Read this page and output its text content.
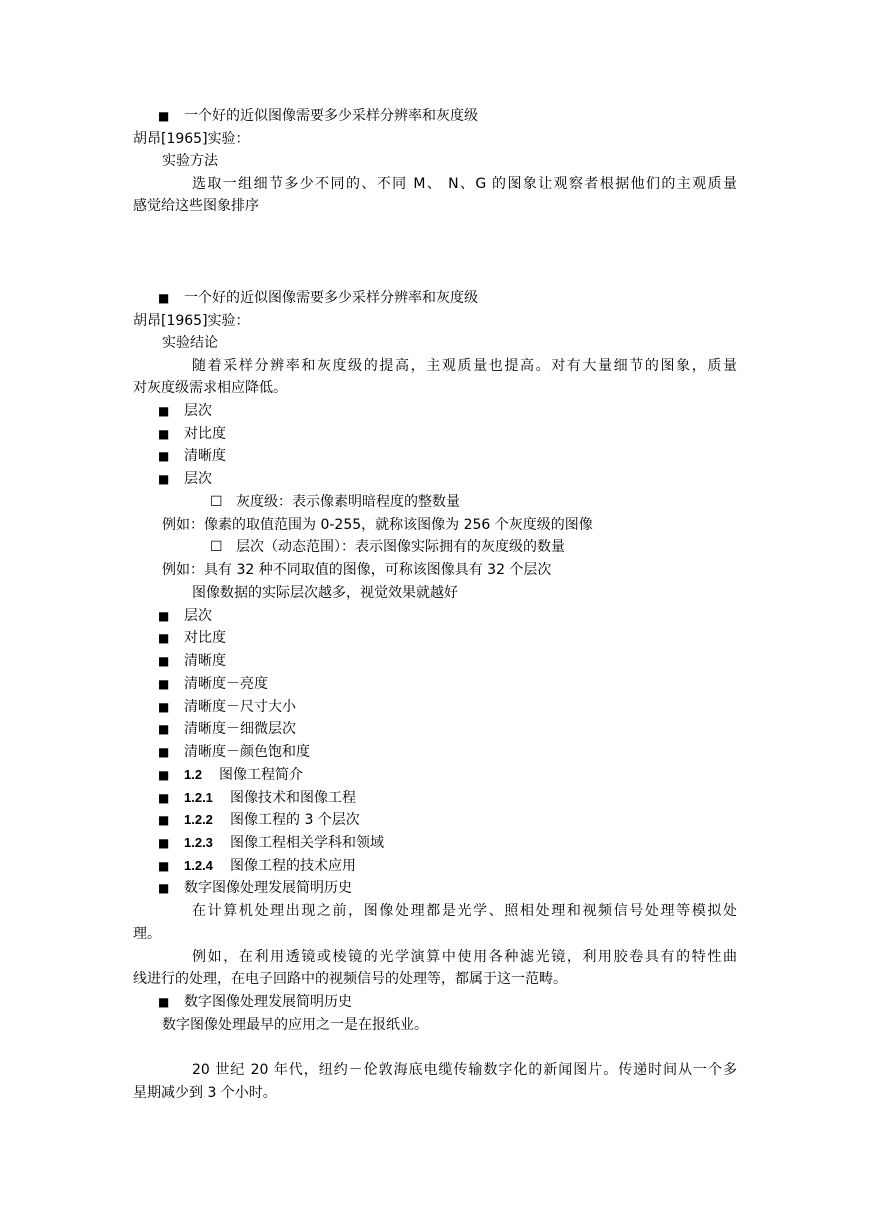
■ 一个好的近似图像需要多少采样分辨率和灰度级
胡昂[1965]实验：
实验方法
选取一组细节多少不同的、不同 M、 N、G 的图象让观察者根据他们的主观质量
感觉给这些图象排序
■ 一个好的近似图像需要多少采样分辨率和灰度级
胡昂[1965]实验：
实验结论
随着采样分辨率和灰度级的提高，主观质量也提高。对有大量细节的图象，质量
对灰度级需求相应降低。
■ 层次
■ 对比度
■ 清晰度
■ 层次
☐ 灰度级：表示像素明暗程度的整数量
例如：像素的取值范围为 0-255，就称该图像为 256 个灰度级的图像
☐ 层次（动态范围）：表示图像实际拥有的灰度级的数量
例如：具有 32 种不同取值的图像，可称该图像具有 32 个层次
图像数据的实际层次越多，视觉效果就越好
■ 层次
■ 对比度
■ 清晰度
■ 清晰度－亮度
■ 清晰度－尺寸大小
■ 清晰度－细微层次
■ 清晰度－颜色饱和度
■ 1.2 图像工程简介
■ 1.2.1 图像技术和图像工程
■ 1.2.2 图像工程的 3 个层次
■ 1.2.3 图像工程相关学科和领域
■ 1.2.4 图像工程的技术应用
■ 数字图像处理发展简明历史
在计算机处理出现之前，图像处理都是光学、照相处理和视频信号处理等模拟处
理。
例如，在利用透镜或棱镜的光学演算中使用各种滤光镜，利用胶卷具有的特性曲
线进行的处理，在电子回路中的视频信号的处理等，都属于这一范畴。
■ 数字图像处理发展简明历史
数字图像处理最早的应用之一是在报纸业。
20 世纪 20 年代，纽约－伦敦海底电缆传输数字化的新闻图片。传递时间从一个多
星期减少到 3 个小时。
